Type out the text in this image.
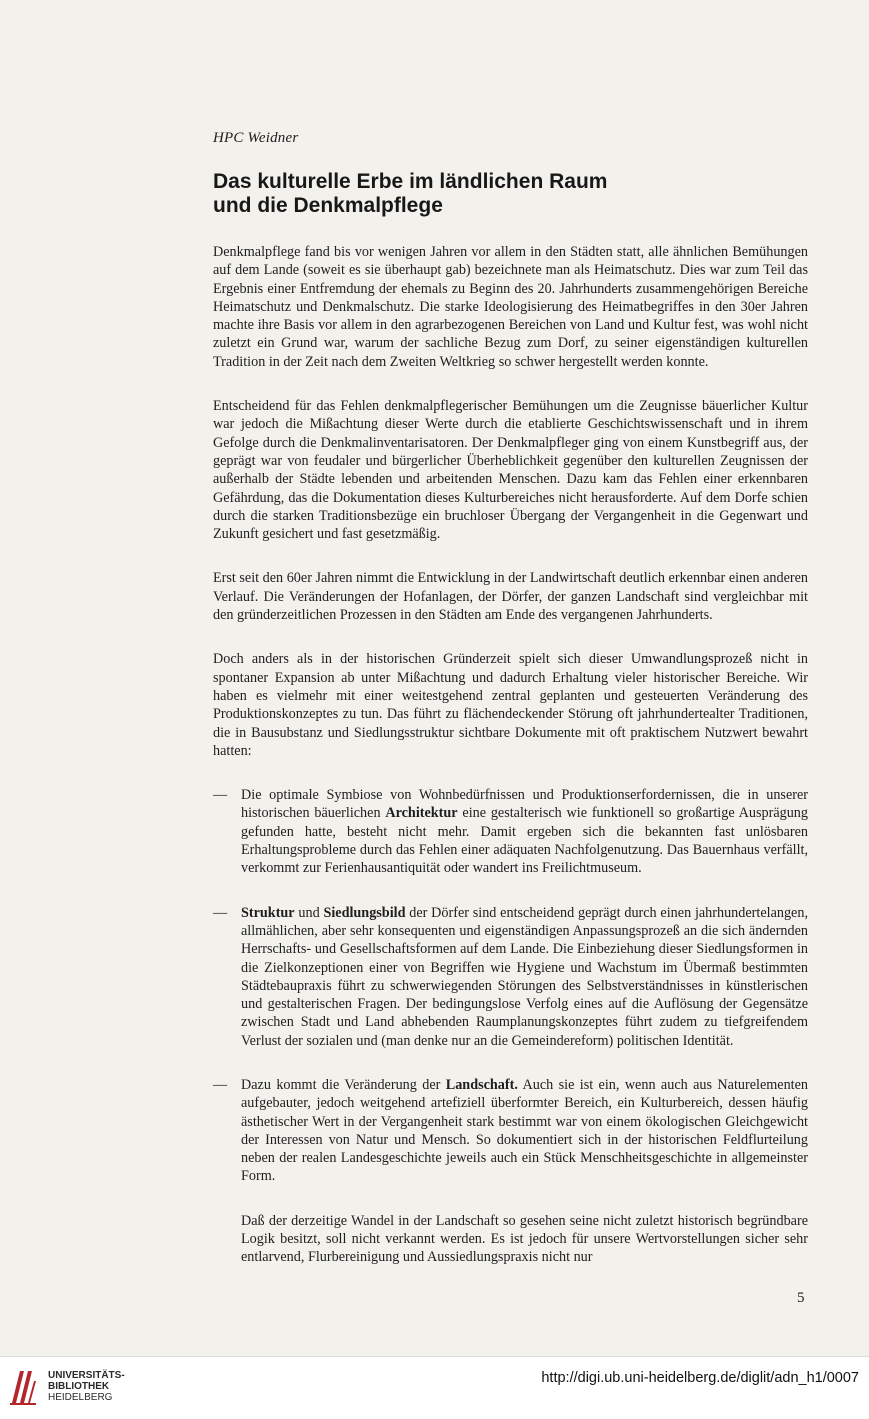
HPC Weidner

Das kulturelle Erbe im ländlichen Raum
und die Denkmalpflege

Denkmalpflege fand bis vor wenigen Jahren vor allem in den Städten statt, alle ähnlichen Bemühungen auf dem Lande (soweit es sie überhaupt gab) bezeichnete man als Heimatschutz. Dies war zum Teil das Ergebnis einer Entfremdung der ehemals zu Beginn des 20. Jahrhunderts zusammengehörigen Bereiche Heimatschutz und Denkmalschutz. Die starke Ideologisierung des Heimatbegriffes in den 30er Jahren machte ihre Basis vor allem in den agrarbezogenen Bereichen von Land und Kultur fest, was wohl nicht zuletzt ein Grund war, warum der sachliche Bezug zum Dorf, zu seiner eigenständigen kulturellen Tradition in der Zeit nach dem Zweiten Weltkrieg so schwer hergestellt werden konnte.

Entscheidend für das Fehlen denkmalpflegerischer Bemühungen um die Zeugnisse bäuerlicher Kultur war jedoch die Mißachtung dieser Werte durch die etablierte Geschichtswissenschaft und in ihrem Gefolge durch die Denkmalinventarisatoren. Der Denkmalpfleger ging von einem Kunstbegriff aus, der geprägt war von feudaler und bürgerlicher Überheblichkeit gegenüber den kulturellen Zeugnissen der außerhalb der Städte lebenden und arbeitenden Menschen. Dazu kam das Fehlen einer erkennbaren Gefährdung, das die Dokumentation dieses Kulturbereiches nicht herausforderte. Auf dem Dorfe schien durch die starken Traditionsbezüge ein bruchloser Übergang der Vergangenheit in die Gegenwart und Zukunft gesichert und fast gesetzmäßig.

Erst seit den 60er Jahren nimmt die Entwicklung in der Landwirtschaft deutlich erkennbar einen anderen Verlauf. Die Veränderungen der Hofanlagen, der Dörfer, der ganzen Landschaft sind vergleichbar mit den gründerzeitlichen Prozessen in den Städten am Ende des vergangenen Jahrhunderts.

Doch anders als in der historischen Gründerzeit spielt sich dieser Umwandlungsprozeß nicht in spontaner Expansion ab unter Mißachtung und dadurch Erhaltung vieler historischer Bereiche. Wir haben es vielmehr mit einer weitestgehend zentral geplanten und gesteuerten Veränderung des Produktionskonzeptes zu tun. Das führt zu flächendeckender Störung oft jahrhundertealter Traditionen, die in Bausubstanz und Siedlungsstruktur sichtbare Dokumente mit oft praktischem Nutzwert bewahrt hatten:

— Die optimale Symbiose von Wohnbedürfnissen und Produktionserfordernissen, die in unserer historischen bäuerlichen Architektur eine gestalterisch wie funktionell so großartige Ausprägung gefunden hatte, besteht nicht mehr. Damit ergeben sich die bekannten fast unlösbaren Erhaltungsprobleme durch das Fehlen einer adäquaten Nachfolgenutzung. Das Bauernhaus verfällt, verkommt zur Ferienhausantiquität oder wandert ins Freilichtmuseum.

— Struktur und Siedlungsbild der Dörfer sind entscheidend geprägt durch einen jahrhundertelangen, allmählichen, aber sehr konsequenten und eigenständigen Anpassungsprozeß an die sich ändernden Herrschafts- und Gesellschaftsformen auf dem Lande. Die Einbeziehung dieser Siedlungsformen in die Zielkonzeptionen einer von Begriffen wie Hygiene und Wachstum im Übermaß bestimmten Städtebaupraxis führt zu schwerwiegenden Störungen des Selbstverständnisses in künstlerischen und gestalterischen Fragen. Der bedingungslose Verfolg eines auf die Auflösung der Gegensätze zwischen Stadt und Land abhebenden Raumplanungskonzeptes führt zudem zu tiefgreifendem Verlust der sozialen und (man denke nur an die Gemeindereform) politischen Identität.

— Dazu kommt die Veränderung der Landschaft. Auch sie ist ein, wenn auch aus Naturelementen aufgebauter, jedoch weitgehend artefiziell überformter Bereich, ein Kulturbereich, dessen häufig ästhetischer Wert in der Vergangenheit stark bestimmt war von einem ökologischen Gleichgewicht der Interessen von Natur und Mensch. So dokumentiert sich in der historischen Feldflurteilung neben der realen Landesgeschichte jeweils auch ein Stück Menschheitsgeschichte in allgemeinster Form.

Daß der derzeitige Wandel in der Landschaft so gesehen seine nicht zuletzt historisch begründbare Logik besitzt, soll nicht verkannt werden. Es ist jedoch für unsere Wertvorstellungen sicher sehr entlarvend, Flurbereinigung und Aussiedlungspraxis nicht nur

5
UNIVERSITÄTS-
BIBLIOTHEK
HEIDELBERG
http://digi.ub.uni-heidelberg.de/diglit/adn_h1/0007
